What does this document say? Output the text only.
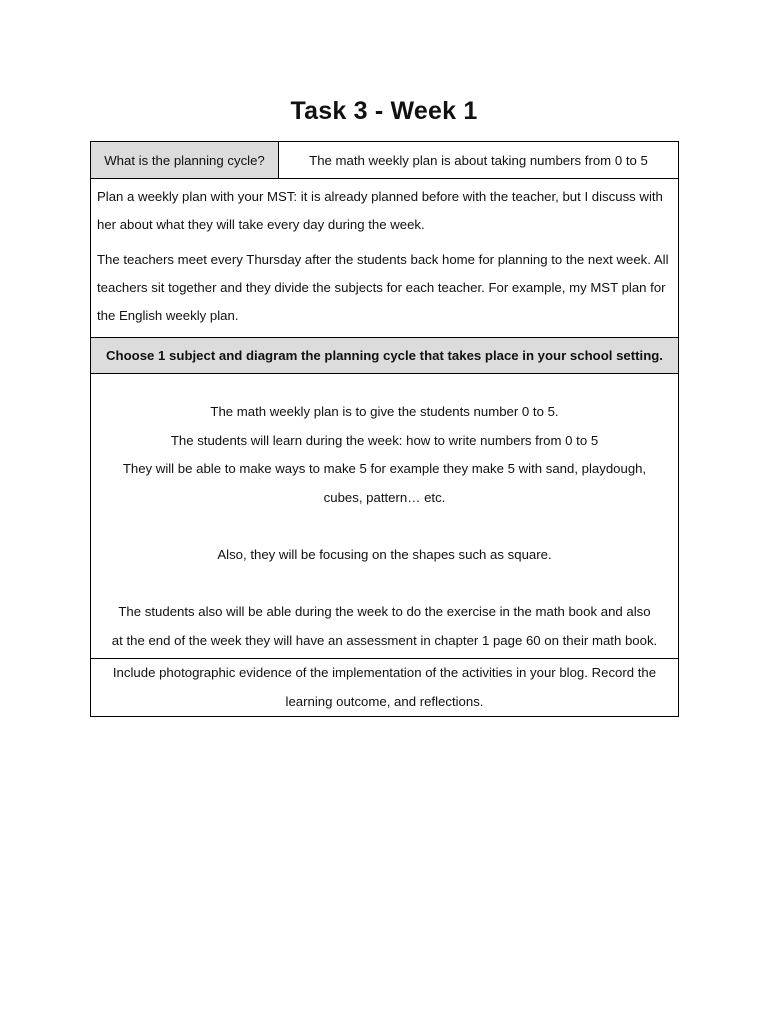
Task 3 - Week 1
What is the planning cycle?	The math weekly plan is about taking numbers from 0 to 5

Plan a weekly plan with your MST: it is already planned before with the teacher, but I discuss with her about what they will take every day during the week.

The teachers meet every Thursday after the students back home for planning to the next week. All teachers sit together and they divide the subjects for each teacher. For example, my MST plan for the English weekly plan.

Choose 1 subject and diagram the planning cycle that takes place in your school setting.
The math weekly plan is to give the students number 0 to 5.
The students will learn during the week: how to write numbers from 0 to 5
They will be able to make ways to make 5 for example they make 5 with sand, playdough,
cubes, pattern… etc.
Also, they will be focusing on the shapes such as square.
The students also will be able during the week to do the exercise in the math book and also
at the end of the week they will have an assessment in chapter 1 page 60 on their math book.
Include photographic evidence of the implementation of the activities in your blog. Record the learning outcome, and reflections.
